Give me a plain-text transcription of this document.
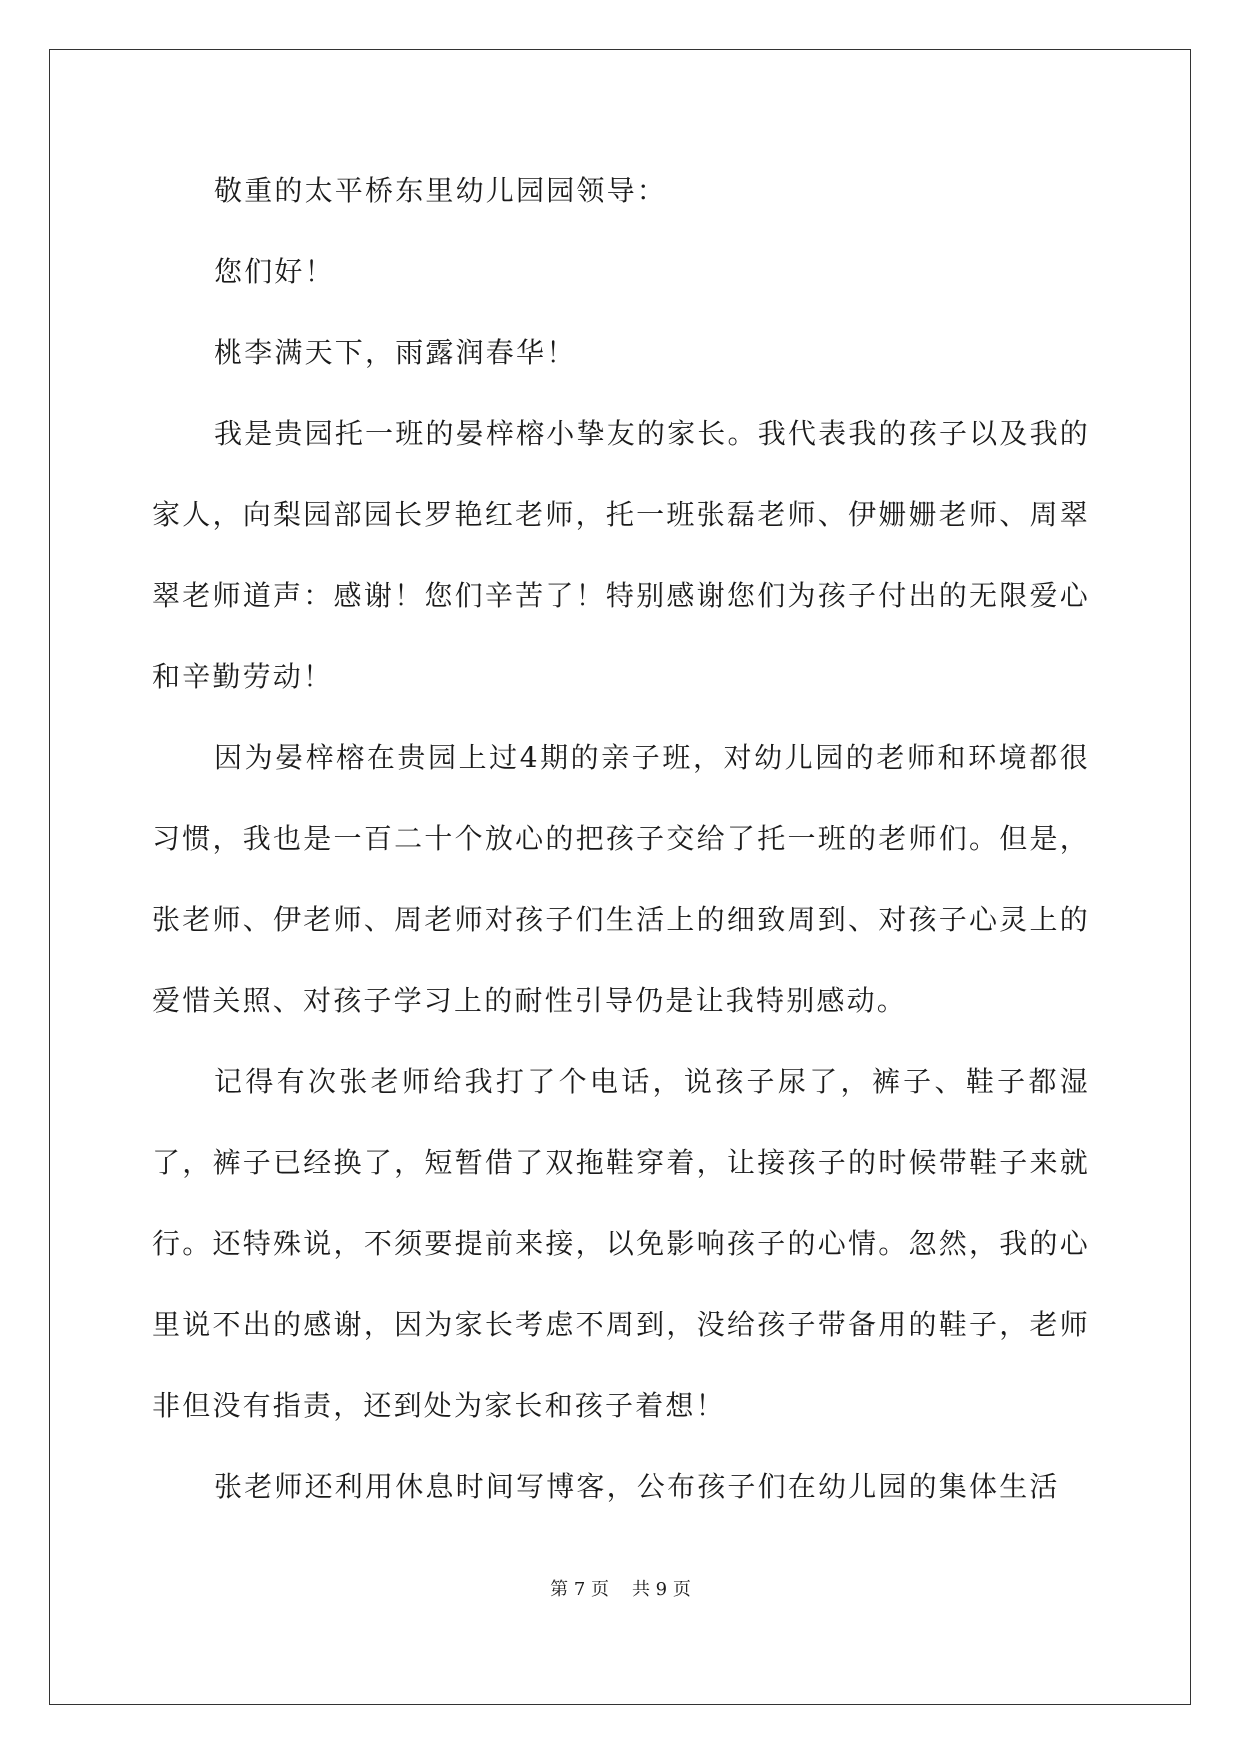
敬重的太平桥东里幼儿园园领导：

您们好！

桃李满天下，雨露润春华！

我是贵园托一班的晏梓榕小挚友的家长。我代表我的孩子以及我的家人，向梨园部园长罗艳红老师，托一班张磊老师、伊姗姗老师、周翠翠老师道声：感谢！您们辛苦了！特别感谢您们为孩子付出的无限爱心和辛勤劳动！

因为晏梓榕在贵园上过4期的亲子班，对幼儿园的老师和环境都很习惯，我也是一百二十个放心的把孩子交给了托一班的老师们。但是，张老师、伊老师、周老师对孩子们生活上的细致周到、对孩子心灵上的爱惜关照、对孩子学习上的耐性引导仍是让我特别感动。

记得有次张老师给我打了个电话，说孩子尿了，裤子、鞋子都湿了，裤子已经换了，短暂借了双拖鞋穿着，让接孩子的时候带鞋子来就行。还特殊说，不须要提前来接，以免影响孩子的心情。忽然，我的心里说不出的感谢，因为家长考虑不周到，没给孩子带备用的鞋子，老师非但没有指责，还到处为家长和孩子着想！

张老师还利用休息时间写博客，公布孩子们在幼儿园的集体生活

第 7 页    共 9 页
